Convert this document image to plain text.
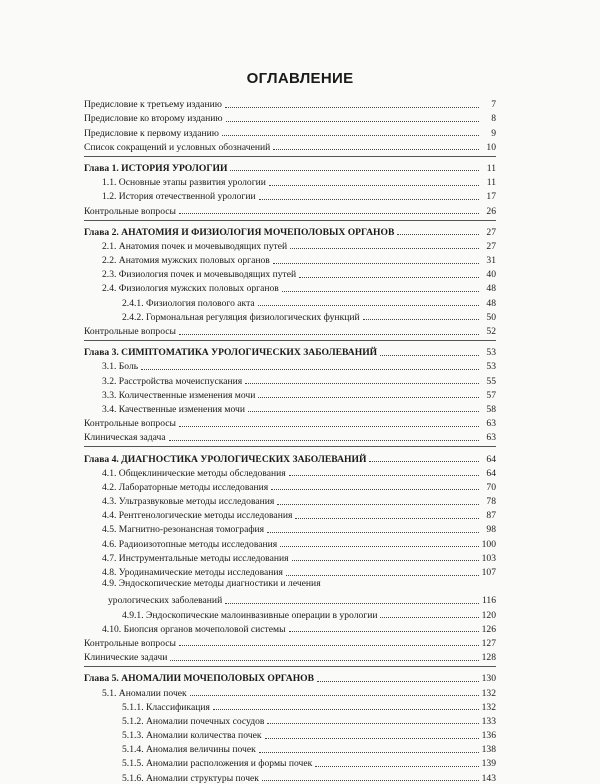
ОГЛАВЛЕНИЕ
Предисловие к третьему изданию	7
Предисловие ко второму изданию	8
Предисловие к первому изданию	9
Список сокращений и условных обозначений	10
Глава 1. ИСТОРИЯ УРОЛОГИИ	11
1.1. Основные этапы развития урологии	11
1.2. История отечественной урологии	17
Контрольные вопросы	26
Глава 2. АНАТОМИЯ И ФИЗИОЛОГИЯ МОЧЕПОЛОВЫХ ОРГАНОВ	27
2.1. Анатомия почек и мочевыводящих путей	27
2.2. Анатомия мужских половых органов	31
2.3. Физиология почек и мочевыводящих путей	40
2.4. Физиология мужских половых органов	48
2.4.1. Физиология полового акта	48
2.4.2. Гормональная регуляция физиологических функций	50
Контрольные вопросы	52
Глава 3. СИМПТОМАТИКА УРОЛОГИЧЕСКИХ ЗАБОЛЕВАНИЙ	53
3.1. Боль	53
3.2. Расстройства мочеиспускания	55
3.3. Количественные изменения мочи	57
3.4. Качественные изменения мочи	58
Контрольные вопросы	63
Клиническая задача	63
Глава 4. ДИАГНОСТИКА УРОЛОГИЧЕСКИХ ЗАБОЛЕВАНИЙ	64
4.1. Общеклинические методы обследования	64
4.2. Лабораторные методы исследования	70
4.3. Ультразвуковые методы исследования	78
4.4. Рентгенологические методы исследования	87
4.5. Магнитно-резонансная томография	98
4.6. Радиоизотопные методы исследования	100
4.7. Инструментальные методы исследования	103
4.8. Уродинамические методы исследования	107
4.9. Эндоскопические методы диагностики и лечения
урологических заболеваний	116
4.9.1. Эндоскопические малоинвазивные операции в урологии	120
4.10. Биопсия органов мочеполовой системы	126
Контрольные вопросы	127
Клинические задачи	128
Глава 5. АНОМАЛИИ МОЧЕПОЛОВЫХ ОРГАНОВ	130
5.1. Аномалии почек	132
5.1.1. Классификация	132
5.1.2. Аномалии почечных сосудов	133
5.1.3. Аномалии количества почек	136
5.1.4. Аномалия величины почек	138
5.1.5. Аномалии расположения и формы почек	139
5.1.6. Аномалии структуры почек	143
